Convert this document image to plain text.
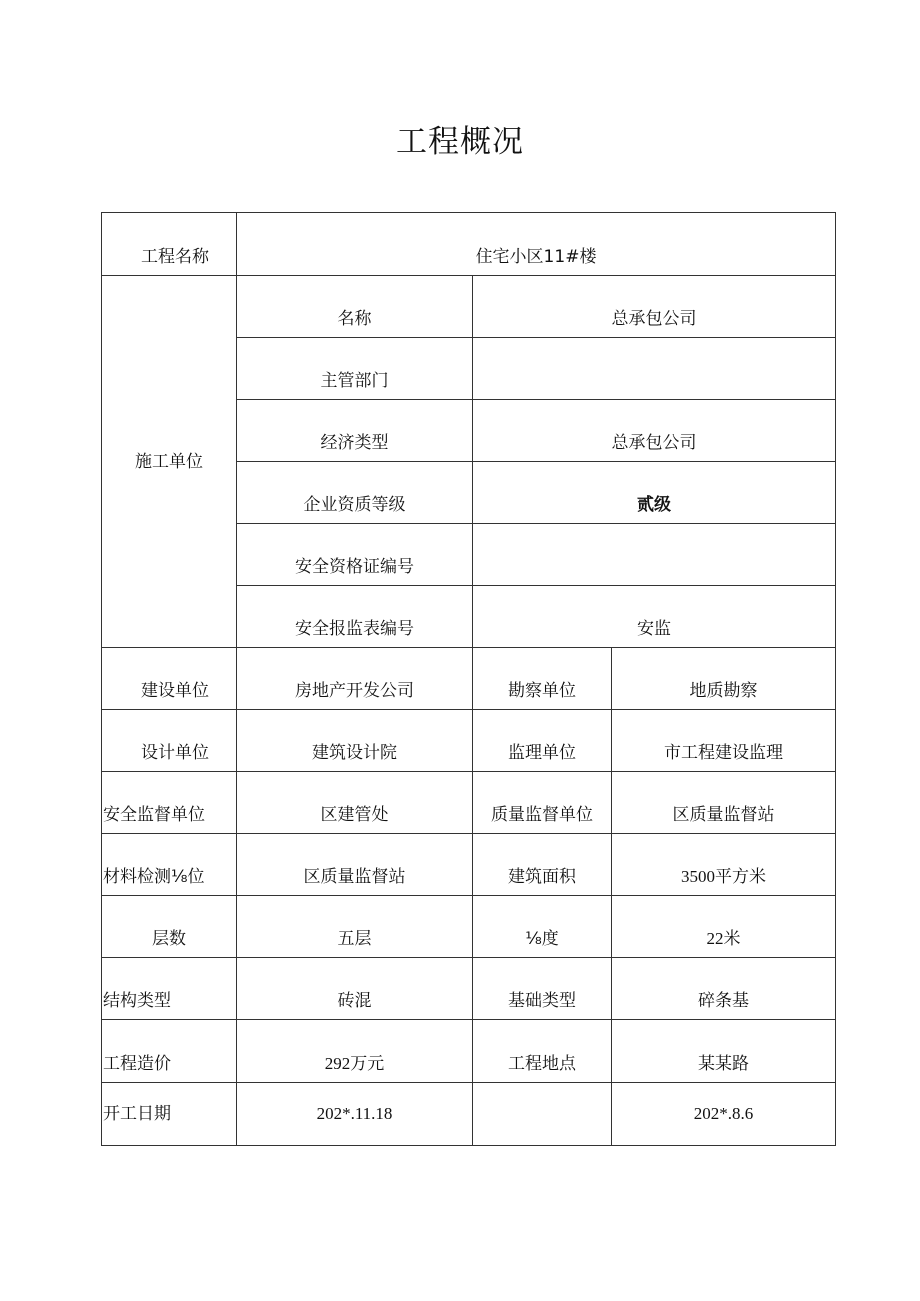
工程概况
工程名称	住宅小区11#楼		
施工单位	名称	总承包公司	
	主管部门		
	经济类型	总承包公司	
	企业资质等级	贰级	
	安全资格证编号		
	安全报监表编号	安监	
建设单位	房地产开发公司	勘察单位	地质勘察
设计单位	建筑设计院	监理单位	市工程建设监理
安全监督单位	区建管处	质量监督单位	区质量监督站
材料检测⅛位	区质量监督站	建筑面积	3500平方米
层数	五层	⅛度	22米
结构类型	砖混	基础类型	碎条基
工程造价	292万元	工程地点	某某路
开工日期	202*.11.18		202*.8.6
